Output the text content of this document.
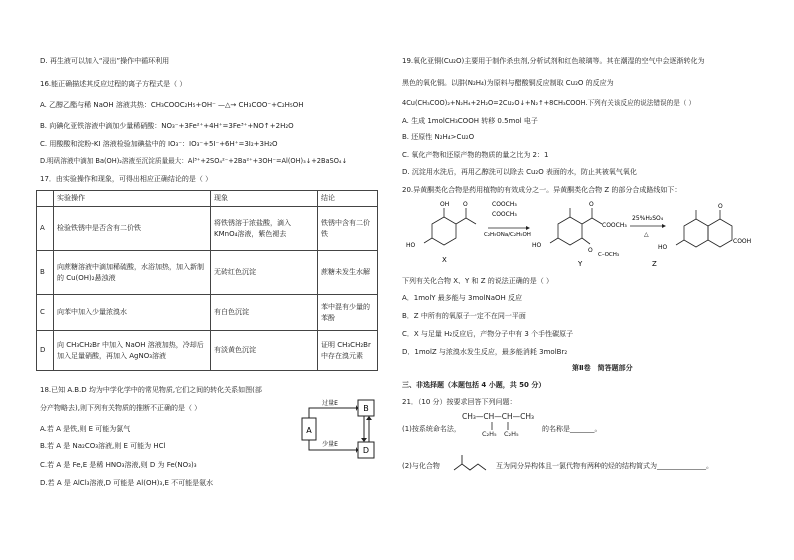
D. 再生液可以加入“浸出”操作中循环利用
16.能正确描述其反应过程的离子方程式是（ ）
A. 乙醇乙酯与稀 NaOH 溶液共热：CH₃COOC₂H₅+OH⁻ —△→ CH₃COO⁻+C₂H₅OH
B. 向碘化亚铁溶液中滴加少量稀硝酸：NO₃⁻+3Fe²⁺+4H⁺=3Fe³⁺+NO↑+2H₂O
C. 用酸酸和淀粉-KI 溶液检验加碘盐中的 IO₃⁻：IO₃⁻+5I⁻+6H⁺=3I₂+3H₂O
D.明矾溶液中滴加 Ba(OH)₂溶液至沉淀质量最大：Al³⁺+2SO₄²⁻+2Ba²⁺+3OH⁻=Al(OH)₃↓+2BaSO₄↓
17．由实验操作和现象，可得出相应正确结论的是（ ）
	实验操作	现象	结论
A	检验铁锈中是否含有二价铁	将铁锈溶于浓盐酸，滴入 KMnO₄溶液，紫色褪去	铁锈中含有二价铁
B	向蔗糖溶液中滴加稀硫酸，水浴加热，加入新制的 Cu(OH)₂悬浊液	无砖红色沉淀	蔗糖未发生水解
C	向苯中加入少量浓溴水	有白色沉淀	苯中混有少量的苯酚
D	向 CH₃CH₂Br 中加入 NaOH 溶液加热，冷却后加入足量硝酸，再加入 AgNO₃溶液	有淡黄色沉淀	证明 CH₃CH₂Br 中存在溴元素
18.已知 A.B.D 均为中学化学中的常见物质,它们之间的转化关系如图(部
分产物略去),则下列有关物质的推断不正确的是（ ）
A.若 A 是铁,则 E 可能为氯气
B.若 A 是 Na₂CO₃溶液,则 E 可能为 HCl
C.若 A 是 Fe,E 是稀 HNO₃溶液,则 D 为 Fe(NO₃)₃
D.若 A 是 AlCl₃溶液,D 可能是 Al(OH)₃,E 不可能是氨水
A
B
D
过量E
少量E
19.氧化亚铜(Cu₂O)主要用于制作杀虫剂,分析试剂和红色玻璃等。其在潮湿的空气中会逐渐转化为
黑色的氧化铜。以肼(N₂H₄)为原料与醋酸铜反应制取 Cu₂O 的反应为
4Cu(CH₃COO)₂+N₂H₄+2H₂O=2Cu₂O↓+N₂↑+8CH₃COOH.下列有关该反应的说法错误的是（ ）
A. 生成 1molCH₃COOH 转移 0.5mol 电子
B. 还原性 N₂H₄>Cu₂O
C. 氧化产物和还原产物的物质的量之比为 2：1
D. 沉淀用水洗后，再用乙醇洗可以除去 Cu₂O 表面的水，防止其被氧气氧化
20.异黄酮类化合物是药用植物的有效成分之一。异黄酮类化合物 Z 的部分合成路线如下：
OH O
HO
X
COOCH₃
COOCH₃
C₂H₅ONa/C₂H₅OH
HO
O
COOCH₃
O
C–OCH₃
Y
25%H₂SO₄
△
O
HO
COOH
Z
下列有关化合物 X、Y 和 Z 的说法正确的是（ ）
A．1molY 最多能与 3molNaOH 反应
B．Z 中所有的氧原子一定不在同一平面
C．X 与足量 H₂反应后，产物分子中有 3 个手性碳原子
D．1molZ 与浓溴水发生反应，最多能消耗 3molBr₂
第Ⅱ卷　简答题部分
三、非选择题（本题包括 4 小题，共 50 分）
21．（10 分）按要求回答下列问题：
CH₃—CH—CH—CH₃
C₂H₅ C₂H₅
(1)按系统命名法，	的名称是_______。
(2)与化合物	互为同分异构体且一氯代物有两种的烃的结构简式为______________。
